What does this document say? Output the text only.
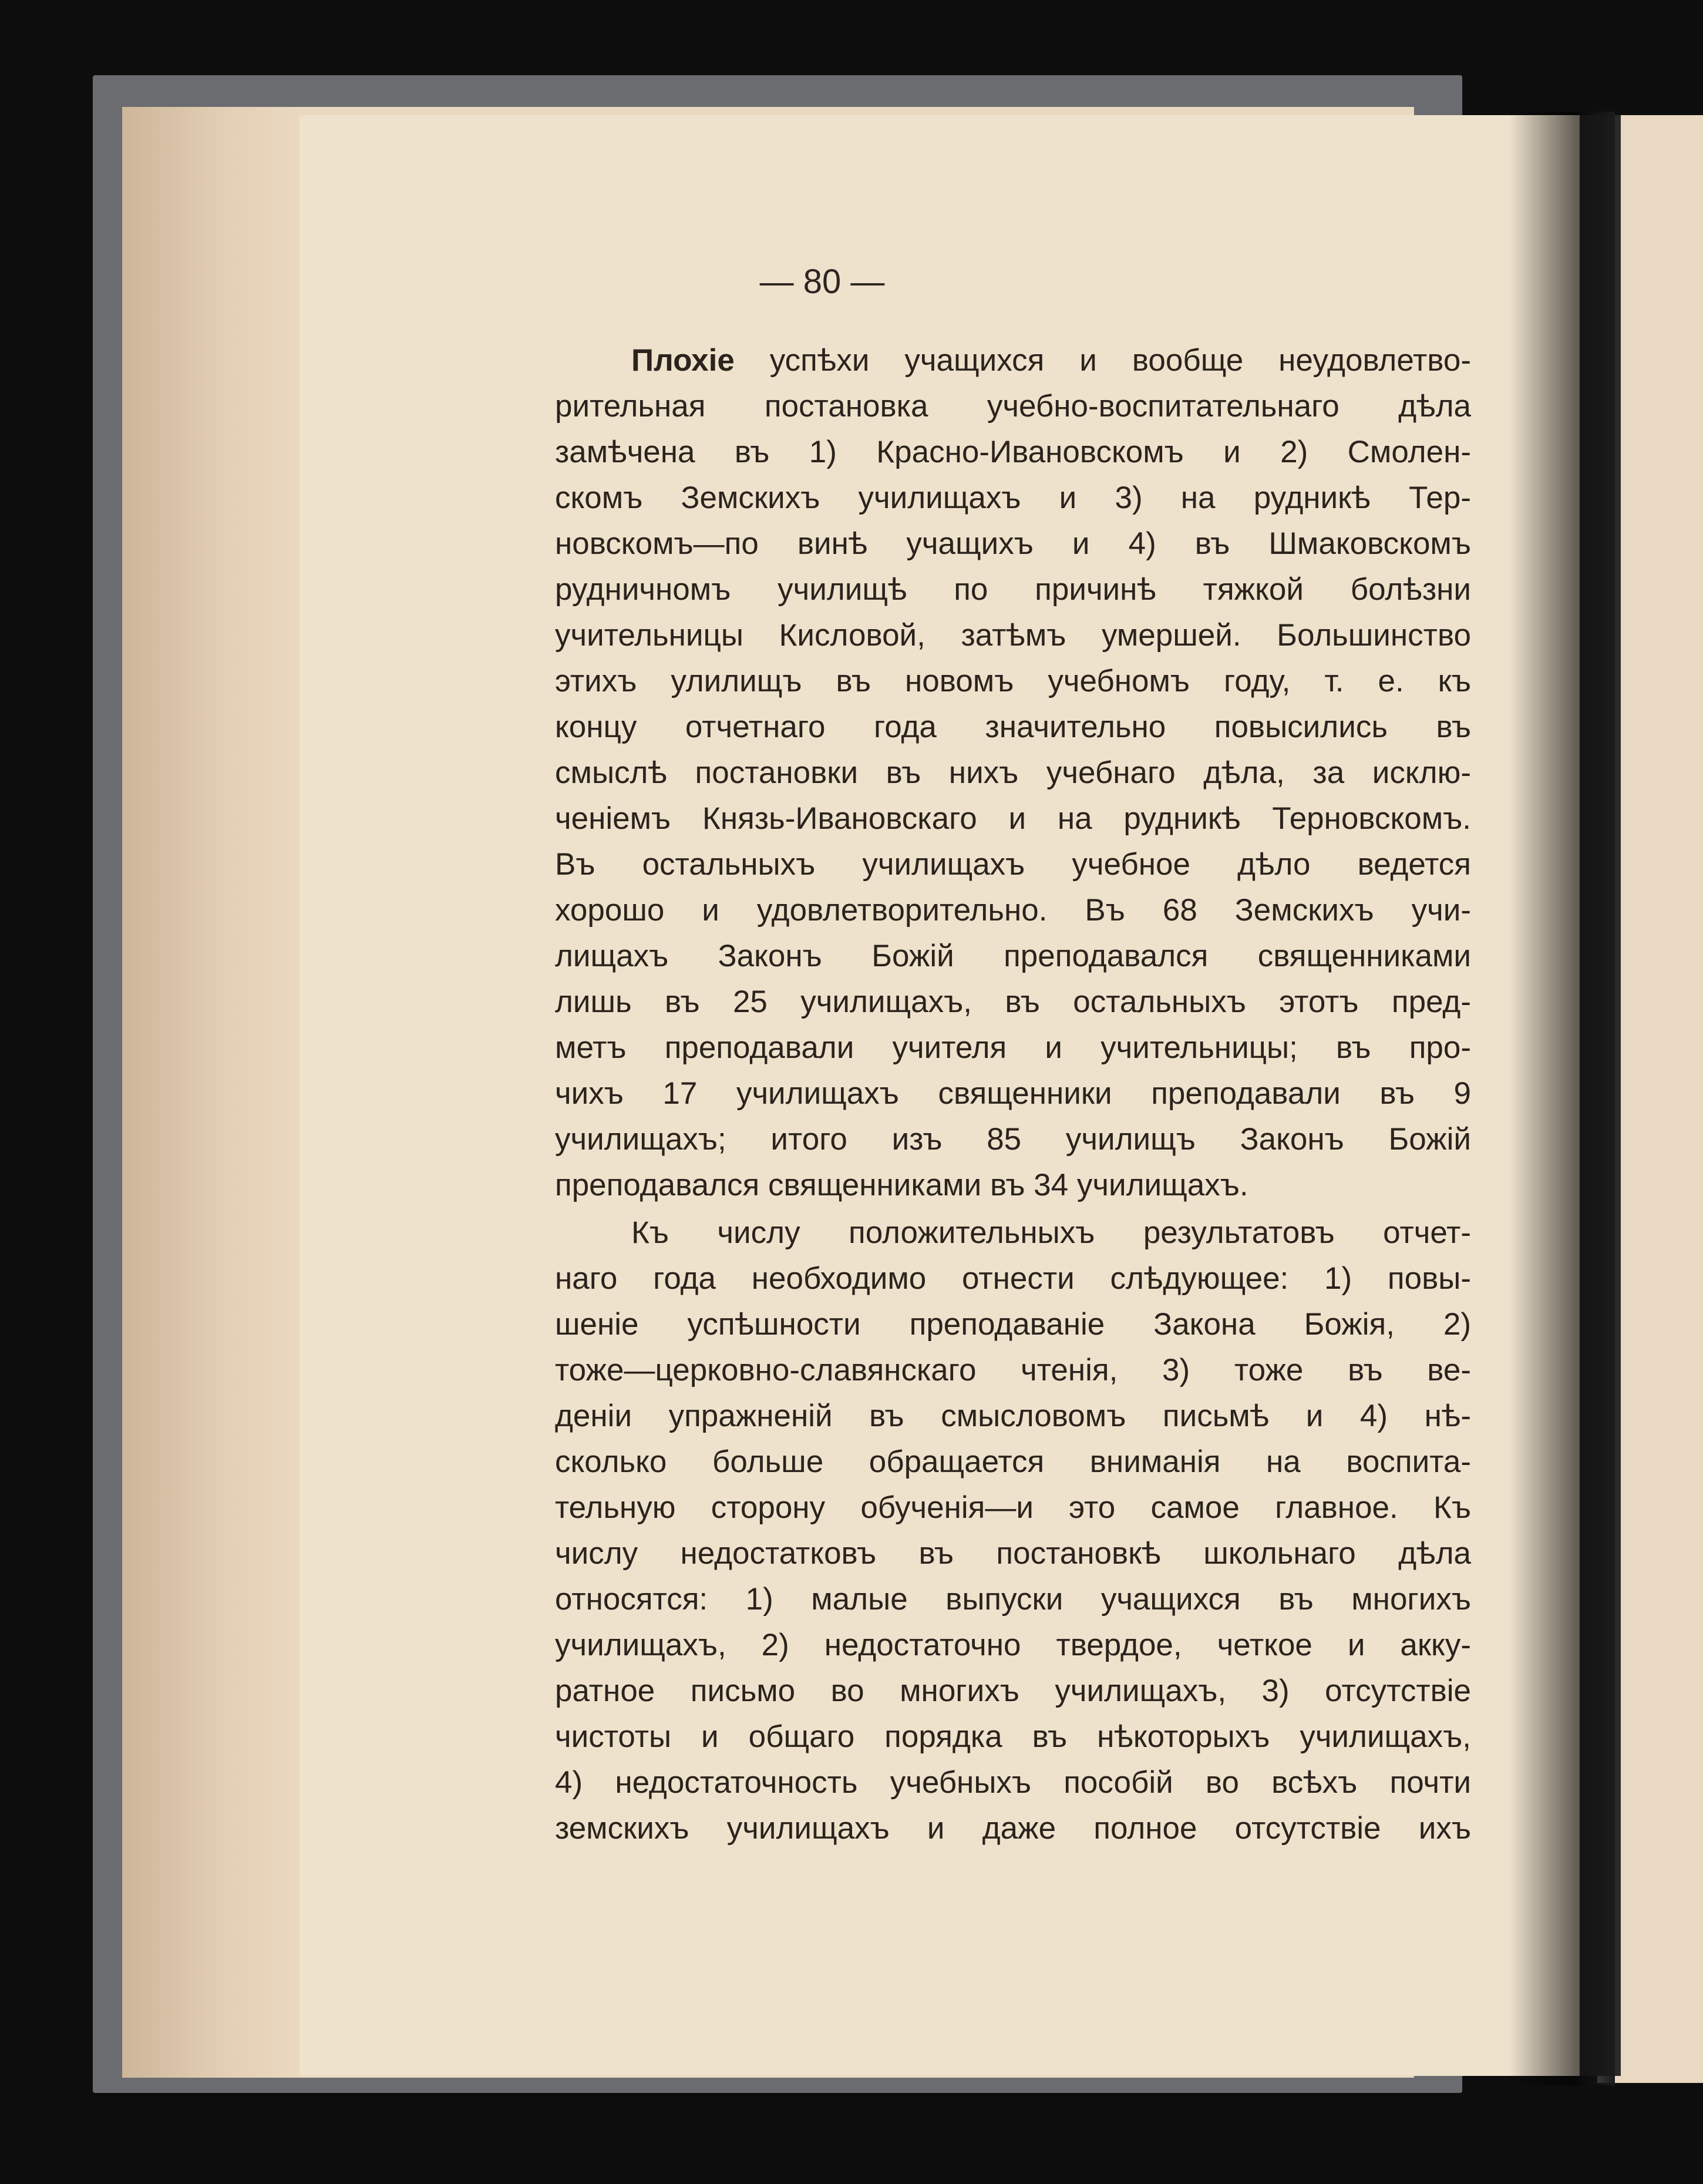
— 80 —
Плохіе успѣхи учащихся и вообще неудовлетво-
рительная постановка учебно-воспитательнаго дѣла
замѣчена въ 1) Красно-Ивановскомъ и 2) Смолен-
скомъ Земскихъ училищахъ и 3) на рудникѣ Тер-
новскомъ—по винѣ учащихъ и 4) въ Шмаковскомъ
рудничномъ училищѣ по причинѣ тяжкой болѣзни
учительницы Кисловой, затѣмъ умершей. Большинство
этихъ улилищъ въ новомъ учебномъ году, т. е. къ
концу отчетнаго года значительно повысились въ
смыслѣ постановки въ нихъ учебнаго дѣла, за исклю-
ченіемъ Князь-Ивановскаго и на рудникѣ Терновскомъ.
Въ остальныхъ училищахъ учебное дѣло ведется
хорошо и удовлетворительно. Въ 68 Земскихъ учи-
лищахъ Законъ Божій преподавался священниками
лишь въ 25 училищахъ, въ остальныхъ этотъ пред-
метъ преподавали учителя и учительницы; въ про-
чихъ 17 училищахъ священники преподавали въ 9
училищахъ; итого изъ 85 училищъ Законъ Божій
преподавался священниками въ 34 училищахъ.
Къ числу положительныхъ результатовъ отчет-
наго года необходимо отнести слѣдующее: 1) повы-
шеніе успѣшности преподаваніе Закона Божія, 2)
тоже—церковно-славянскаго чтенія, 3) тоже въ ве-
деніи упражненій въ смысловомъ письмѣ и 4) нѣ-
сколько больше обращается вниманія на воспита-
тельную сторону обученія—и это самое главное. Къ
числу недостатковъ въ постановкѣ школьнаго дѣла
относятся: 1) малые выпуски учащихся въ многихъ
училищахъ, 2) недостаточно твердое, четкое и акку-
ратное письмо во многихъ училищахъ, 3) отсутствіе
чистоты и общаго порядка въ нѣкоторыхъ училищахъ,
4) недостаточность учебныхъ пособій во всѣхъ почти
земскихъ училищахъ и даже полное отсутствіе ихъ
